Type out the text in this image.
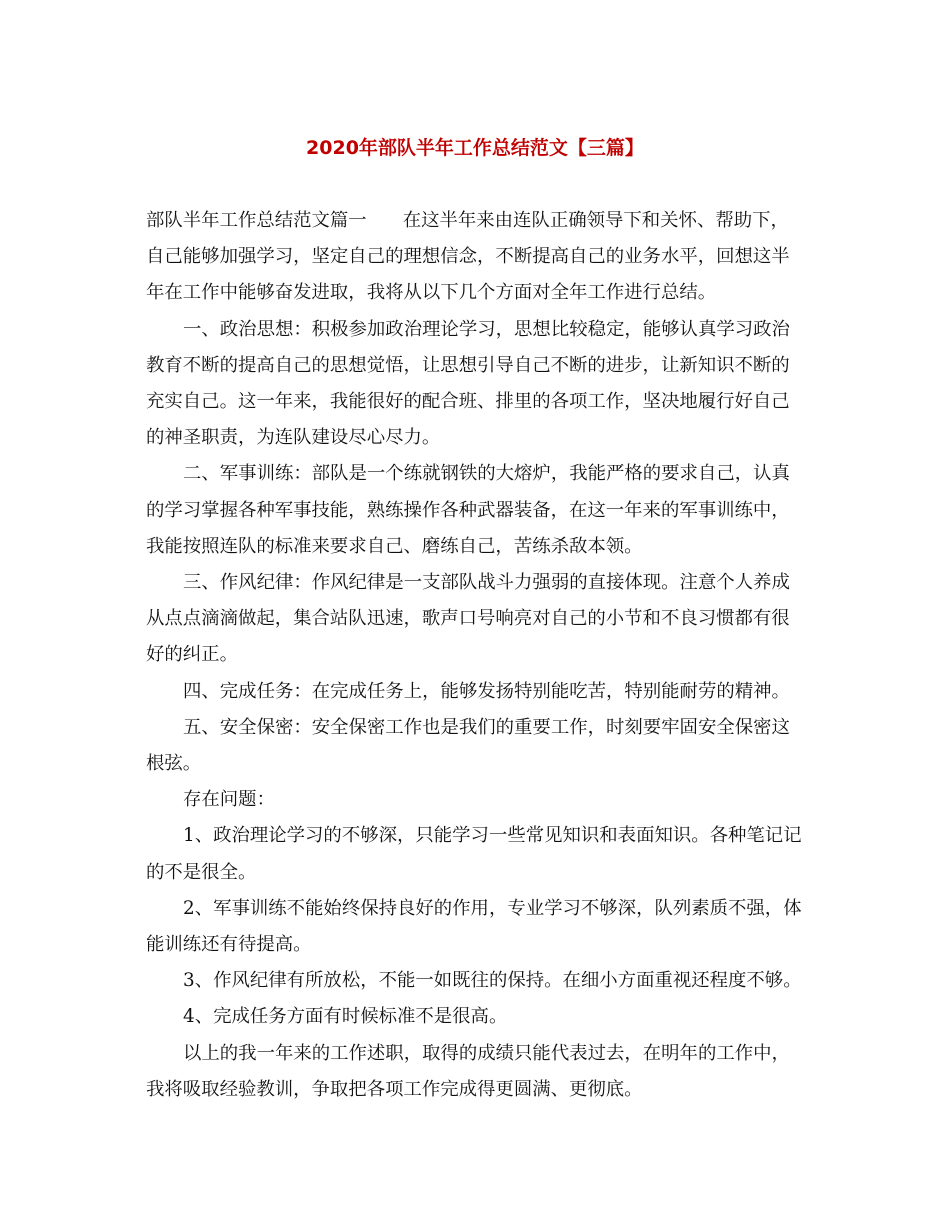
2020年部队半年工作总结范文【三篇】

部队半年工作总结范文篇一 在这半年来由连队正确领导下和关怀、帮助下，

自己能够加强学习，坚定自己的理想信念，不断提高自己的业务水平，回想这半

年在工作中能够奋发进取，我将从以下几个方面对全年工作进行总结。

一、政治思想：积极参加政治理论学习，思想比较稳定，能够认真学习政治

教育不断的提高自己的思想觉悟，让思想引导自己不断的进步，让新知识不断的

充实自己。这一年来，我能很好的配合班、排里的各项工作，坚决地履行好自己

的神圣职责，为连队建设尽心尽力。

二、军事训练：部队是一个练就钢铁的大熔炉，我能严格的要求自己，认真

的学习掌握各种军事技能，熟练操作各种武器装备，在这一年来的军事训练中，

我能按照连队的标准来要求自己、磨练自己，苦练杀敌本领。

三、作风纪律：作风纪律是一支部队战斗力强弱的直接体现。注意个人养成

从点点滴滴做起，集合站队迅速，歌声口号响亮对自己的小节和不良习惯都有很

好的纠正。

四、完成任务：在完成任务上，能够发扬特别能吃苦，特别能耐劳的精神。

五、安全保密：安全保密工作也是我们的重要工作，时刻要牢固安全保密这

根弦。

存在问题：

1、政治理论学习的不够深，只能学习一些常见知识和表面知识。各种笔记记

的不是很全。

2、军事训练不能始终保持良好的作用，专业学习不够深，队列素质不强，体

能训练还有待提高。

3、作风纪律有所放松，不能一如既往的保持。在细小方面重视还程度不够。

4、完成任务方面有时候标准不是很高。

以上的我一年来的工作述职，取得的成绩只能代表过去，在明年的工作中，

我将吸取经验教训，争取把各项工作完成得更圆满、更彻底。
